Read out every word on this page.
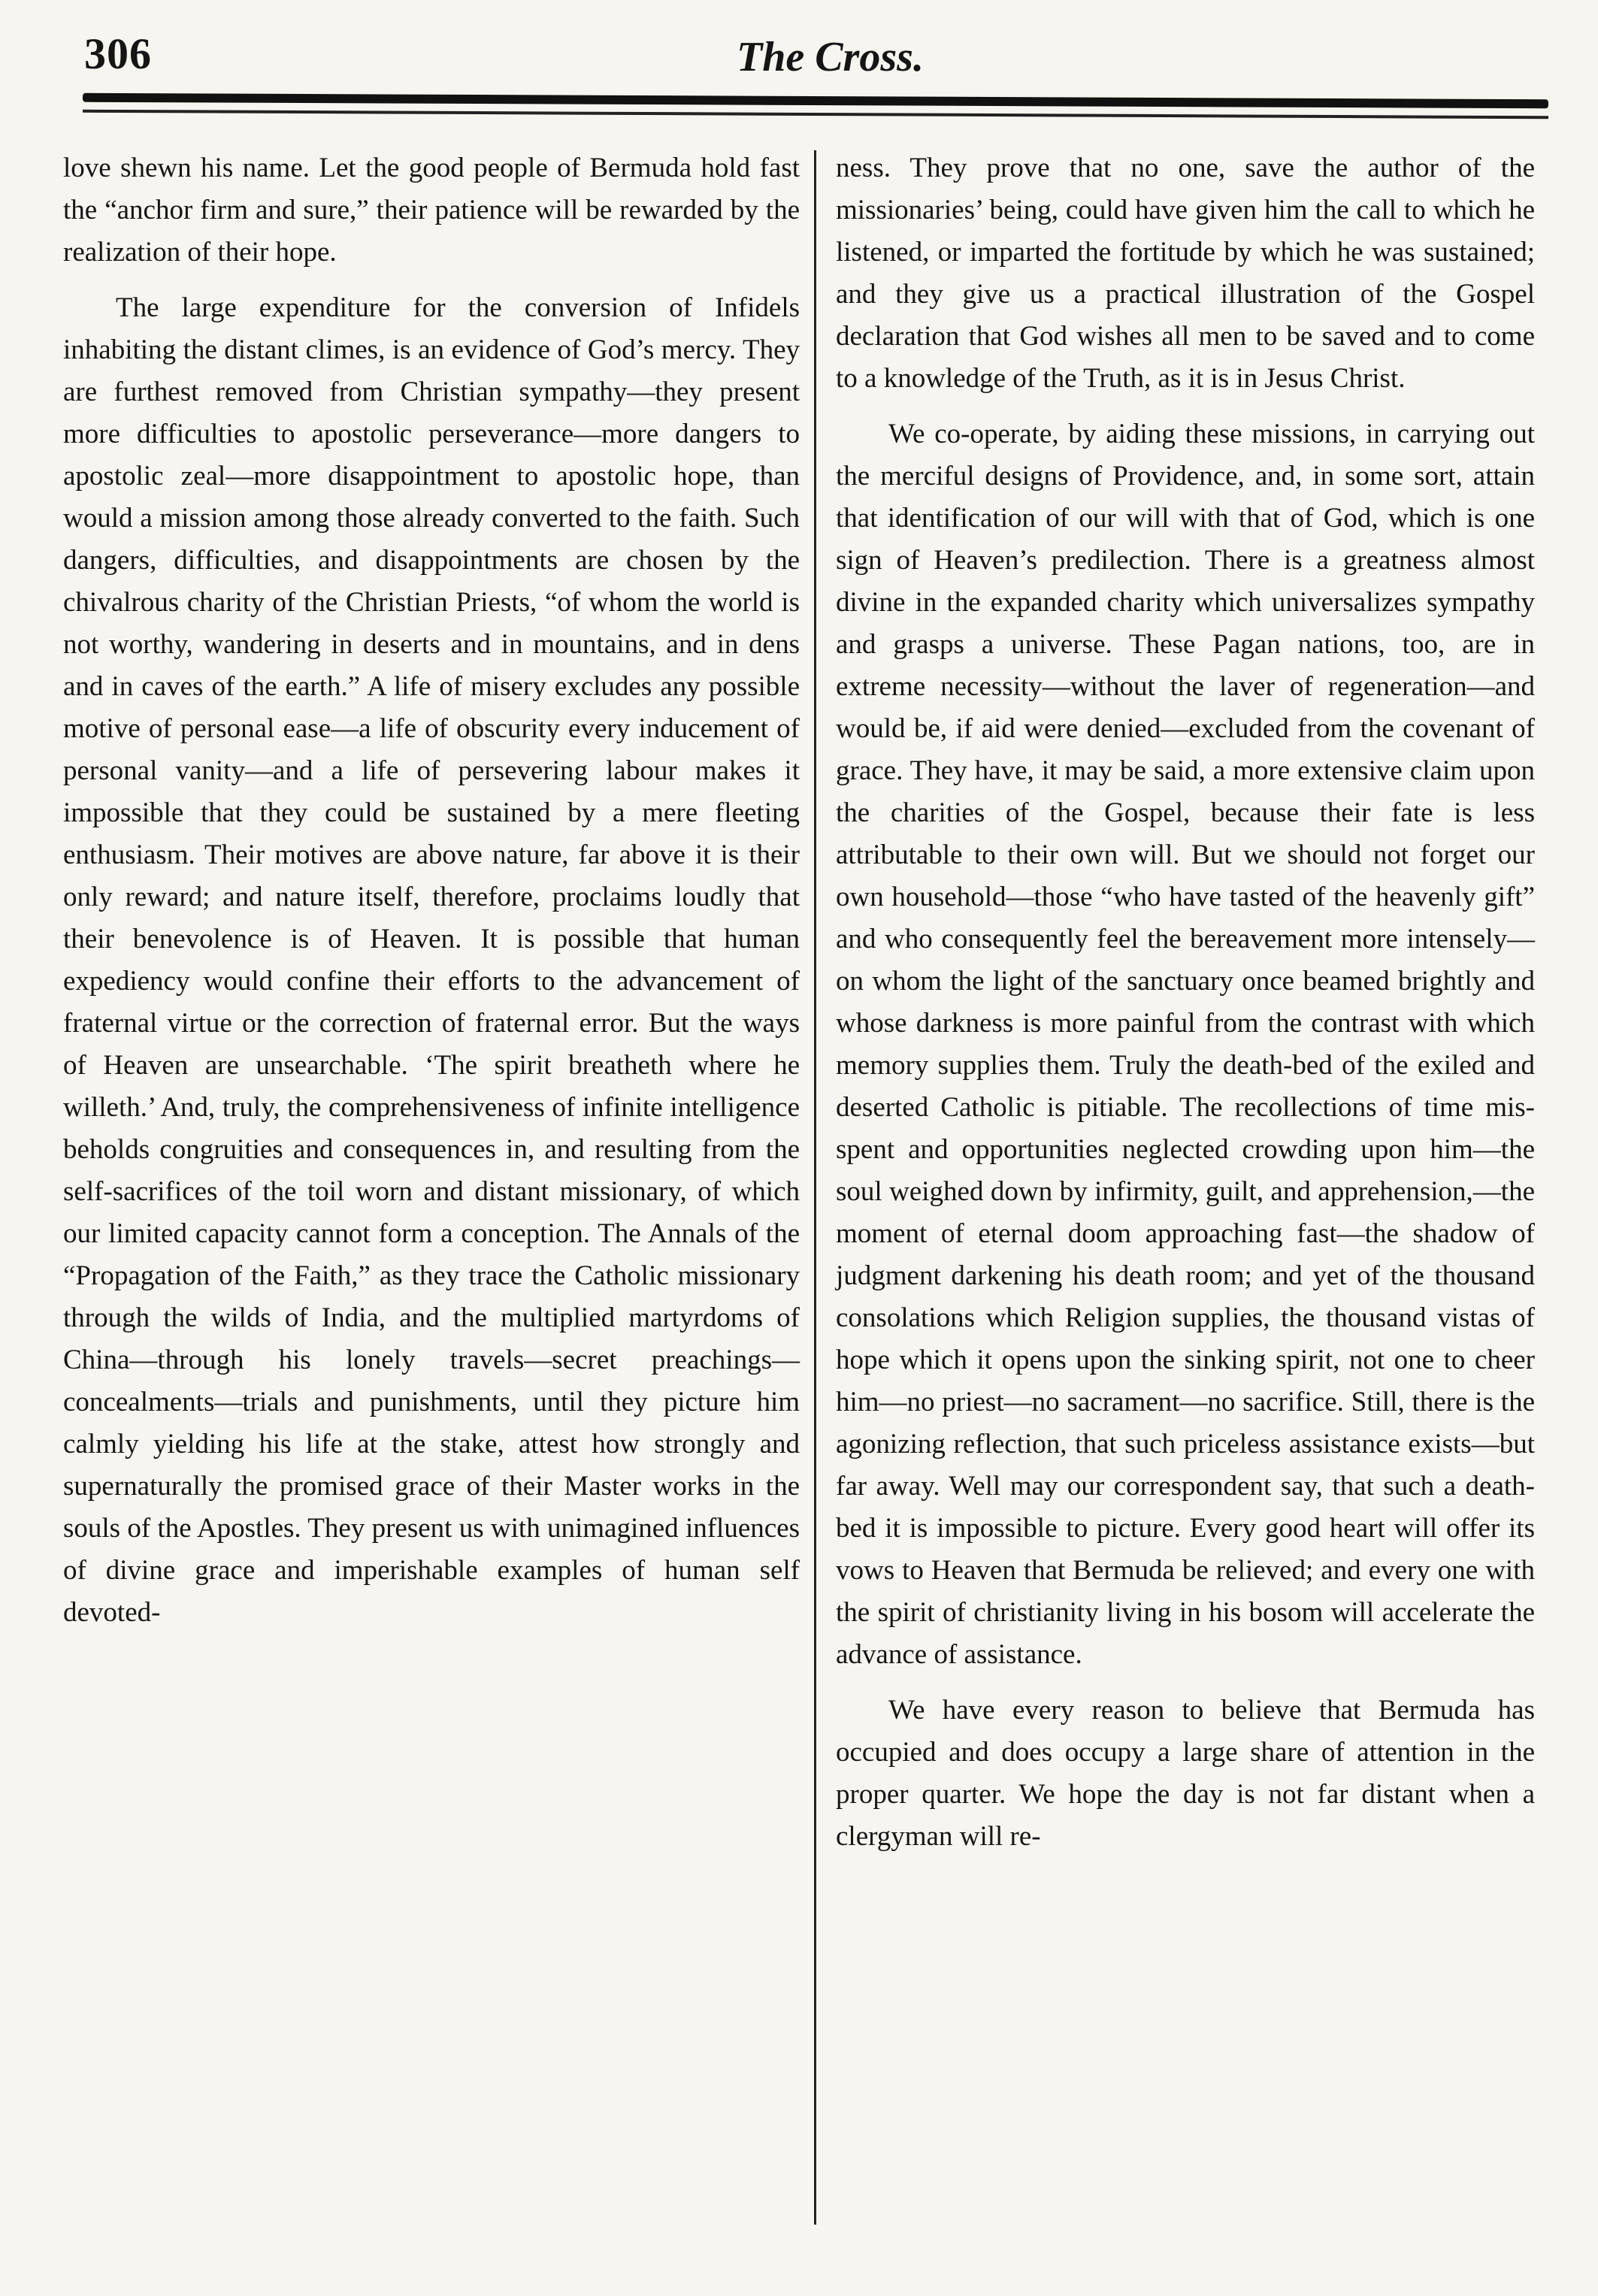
306	The Cross.

love shewn his name. Let the good people of Bermuda hold fast the “anchor firm and sure,” their patience will be rewarded by the realization of their hope.

The large expenditure for the conversion of Infidels inhabiting the distant climes, is an evidence of God’s mercy. They are furthest removed from Christian sympathy—they present more difficulties to apostolic perseverance—more dangers to apostolic zeal—more disappointment to apostolic hope, than would a mission among those already converted to the faith. Such dangers, difficulties, and disappointments are chosen by the chivalrous charity of the Christian Priests, “of whom the world is not worthy, wandering in deserts and in mountains, and in dens and in caves of the earth.” A life of misery excludes any possible motive of personal ease—a life of obscurity every inducement of personal vanity—and a life of persevering labour makes it impossible that they could be sustained by a mere fleeting enthusiasm. Their motives are above nature, far above it is their only reward; and nature itself, therefore, proclaims loudly that their benevolence is of Heaven. It is possible that human expediency would confine their efforts to the advancement of fraternal virtue or the correction of fraternal error. But the ways of Heaven are unsearchable. ‘The spirit breatheth where he willeth.’ And, truly, the comprehensiveness of infinite intelligence beholds congruities and consequences in, and resulting from the self-sacrifices of the toil worn and distant missionary, of which our limited capacity cannot form a conception. The Annals of the “Propagation of the Faith,” as they trace the Catholic missionary through the wilds of India, and the multiplied martyrdoms of China—through his lonely travels—secret preachings—concealments—trials and punishments, until they picture him calmly yielding his life at the stake, attest how strongly and supernaturally the promised grace of their Master works in the souls of the Apostles. They present us with unimagined influences of divine grace and imperishable examples of human self devoted-

ness. They prove that no one, save the author of the missionaries’ being, could have given him the call to which he listened, or imparted the fortitude by which he was sustained; and they give us a practical illustration of the Gospel declaration that God wishes all men to be saved and to come to a knowledge of the Truth, as it is in Jesus Christ.

We co-operate, by aiding these missions, in carrying out the merciful designs of Providence, and, in some sort, attain that identification of our will with that of God, which is one sign of Heaven’s predilection. There is a greatness almost divine in the expanded charity which universalizes sympathy and grasps a universe. These Pagan nations, too, are in extreme necessity—without the laver of regeneration—and would be, if aid were denied—excluded from the covenant of grace. They have, it may be said, a more extensive claim upon the charities of the Gospel, because their fate is less attributable to their own will. But we should not forget our own household—those “who have tasted of the heavenly gift” and who consequently feel the bereavement more intensely—on whom the light of the sanctuary once beamed brightly and whose darkness is more painful from the contrast with which memory supplies them. Truly the death-bed of the exiled and deserted Catholic is pitiable. The recollections of time mis-spent and opportunities neglected crowding upon him—the soul weighed down by infirmity, guilt, and apprehension,—the moment of eternal doom approaching fast—the shadow of judgment darkening his death room; and yet of the thousand consolations which Religion supplies, the thousand vistas of hope which it opens upon the sinking spirit, not one to cheer him—no priest—no sacrament—no sacrifice. Still, there is the agonizing reflection, that such priceless assistance exists—but far away. Well may our correspondent say, that such a death-bed it is impossible to picture. Every good heart will offer its vows to Heaven that Bermuda be relieved; and every one with the spirit of christianity living in his bosom will accelerate the advance of assistance.

We have every reason to believe that Bermuda has occupied and does occupy a large share of attention in the proper quarter. We hope the day is not far distant when a clergyman will re-
